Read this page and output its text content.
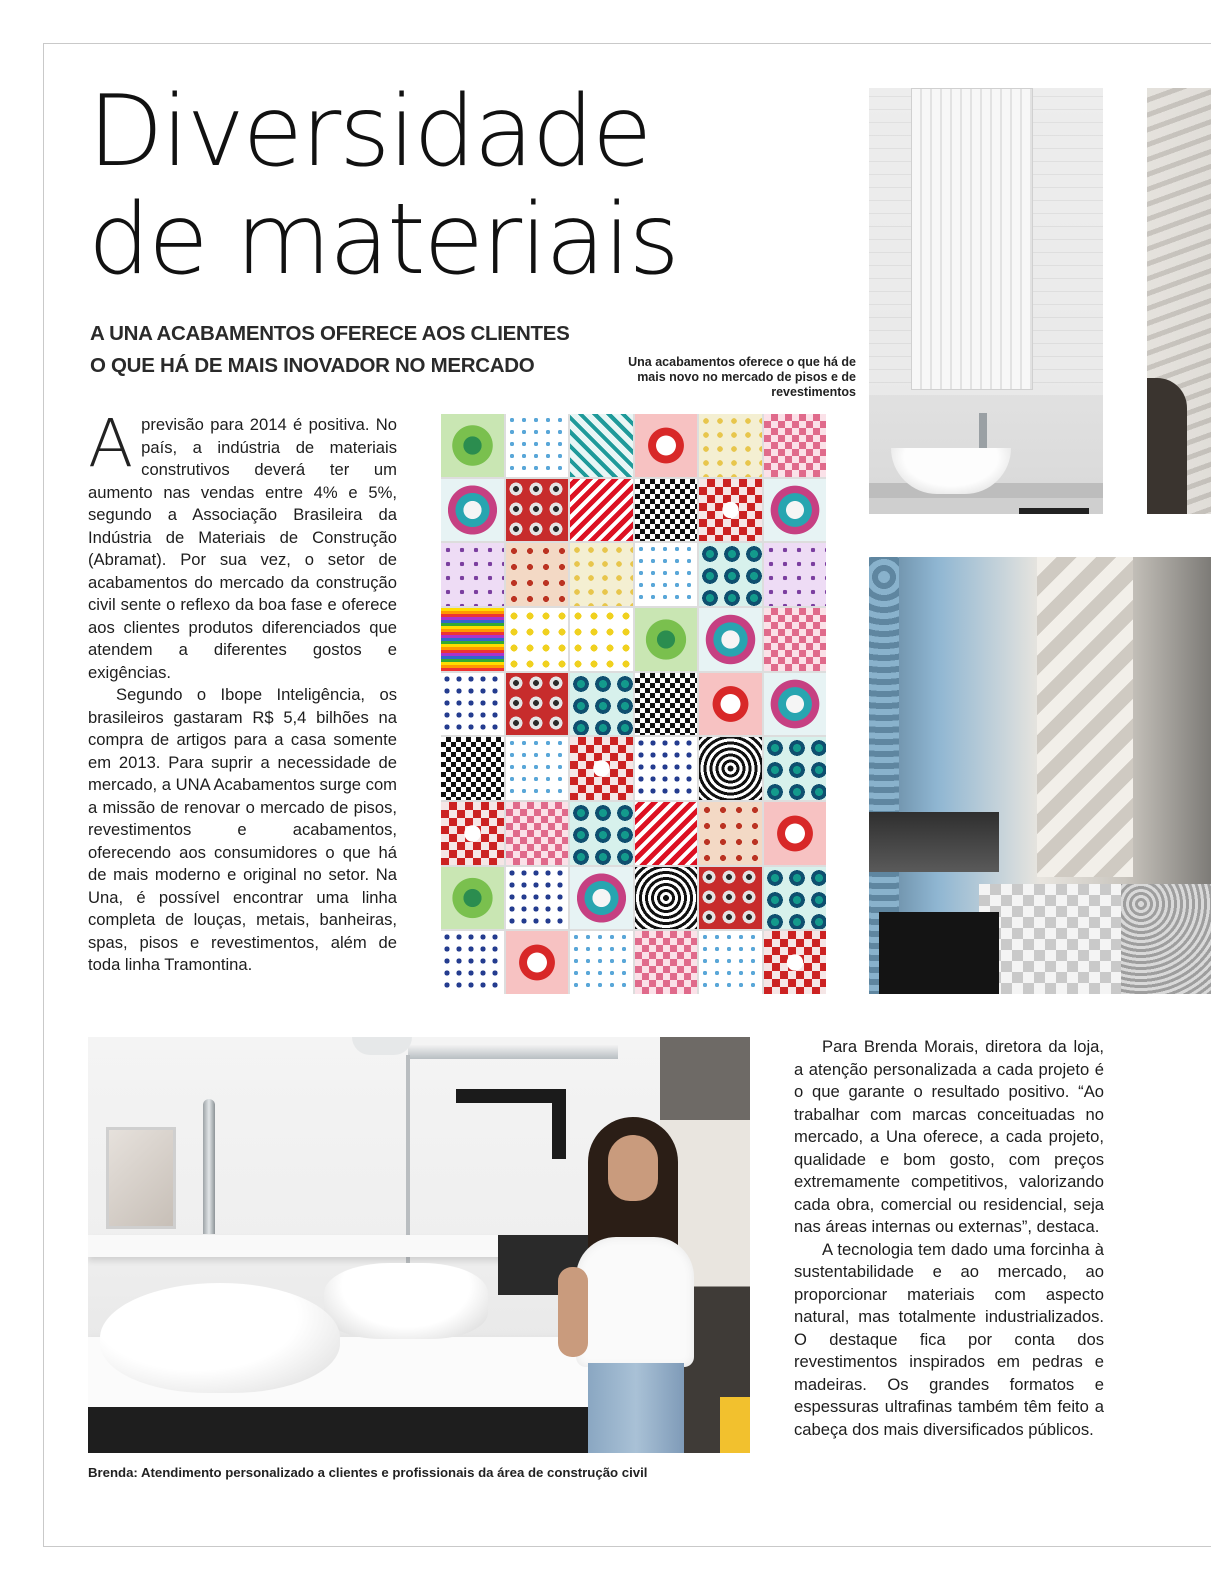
Diversidade
de materiais
A UNA ACABAMENTOS OFERECE AOS CLIENTES
O QUE HÁ DE MAIS INOVADOR NO MERCADO	Una acabamentos oferece o que há de mais novo no mercado de pisos e de revestimentos

Aprevisão para 2014 é positiva. No país, a indústria de materiais construtivos deverá ter um aumento nas vendas entre 4% e 5%, segundo a Associação Brasileira da Indústria de Materiais de Construção (Abramat). Por sua vez, o setor de acabamentos do mercado da construção civil sente o reflexo da boa fase e oferece aos clientes produtos diferenciados que atendem a diferentes gostos e exigências.

Segundo o Ibope Inteligência, os brasileiros gastaram R$ 5,4 bilhões na compra de artigos para a casa somente em 2013. Para suprir a necessidade de mercado, a UNA Acabamentos surge com a missão de renovar o mercado de pisos, revestimentos e acabamentos, oferecendo aos consumidores o que há de mais moderno e original no setor. Na Una, é possível encontrar uma linha completa de louças, metais, banheiras, spas, pisos e revestimentos, além de toda linha Tramontina.

Brenda: Atendimento personalizado a clientes e profissionais da área de construção civil

Para Brenda Morais, diretora da loja, a atenção personalizada a cada projeto é o que garante o resultado positivo. “Ao trabalhar com marcas conceituadas no mercado, a Una oferece, a cada projeto, qualidade e bom gosto, com preços extremamente competitivos, valorizando cada obra, comercial ou residencial, seja nas áreas internas ou externas”, destaca.

A tecnologia tem dado uma forcinha à sustentabilidade e ao mercado, ao proporcionar materiais com aspecto natural, mas totalmente industrializados. O destaque fica por conta dos revestimentos inspirados em pedras e madeiras. Os grandes formatos e espessuras ultrafinas também têm feito a cabeça dos mais diversificados públicos.
